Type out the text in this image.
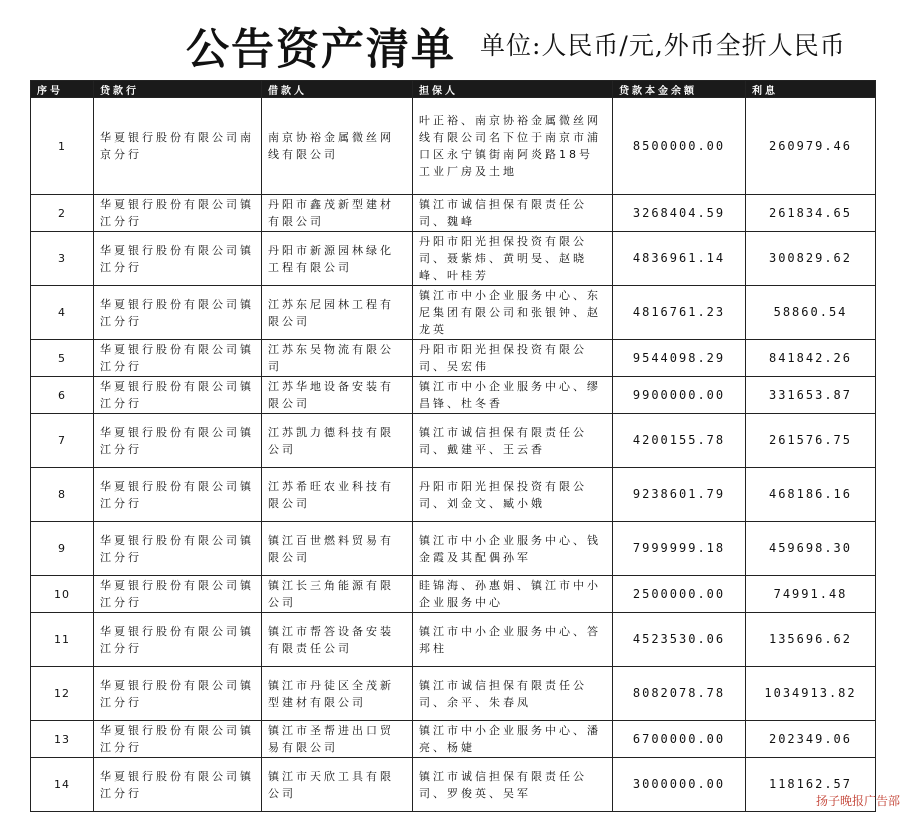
公告资产清单 单位:人民币/元,外币全折人民币
序号	贷款行	借款人	担保人	贷款本金余额	利息
1	华夏银行股份有限公司南京分行	南京协裕金属微丝网线有限公司	叶正裕、南京协裕金属微丝网线有限公司名下位于南京市浦口区永宁镇街南阿炎路18号工业厂房及土地	8500000.00	260979.46
2	华夏银行股份有限公司镇江分行	丹阳市鑫茂新型建材有限公司	镇江市诚信担保有限责任公司、魏峰	3268404.59	261834.65
3	华夏银行股份有限公司镇江分行	丹阳市新源园林绿化工程有限公司	丹阳市阳光担保投资有限公司、聂紫炜、黄明旻、赵晓峰、叶桂芳	4836961.14	300829.62
4	华夏银行股份有限公司镇江分行	江苏东尼园林工程有限公司	镇江市中小企业服务中心、东尼集团有限公司和张银钟、赵龙英	4816761.23	58860.54
5	华夏银行股份有限公司镇江分行	江苏东吴物流有限公司	丹阳市阳光担保投资有限公司、吴宏伟	9544098.29	841842.26
6	华夏银行股份有限公司镇江分行	江苏华地设备安装有限公司	镇江市中小企业服务中心、缪昌锋、杜冬香	9900000.00	331653.87
7	华夏银行股份有限公司镇江分行	江苏凯力德科技有限公司	镇江市诚信担保有限责任公司、戴建平、王云香	4200155.78	261576.75
8	华夏银行股份有限公司镇江分行	江苏希旺农业科技有限公司	丹阳市阳光担保投资有限公司、刘金文、臧小娥	9238601.79	468186.16
9	华夏银行股份有限公司镇江分行	镇江百世燃料贸易有限公司	镇江市中小企业服务中心、钱金霞及其配偶孙军	7999999.18	459698.30
10	华夏银行股份有限公司镇江分行	镇江长三角能源有限公司	眭锦海、孙惠娟、镇江市中小企业服务中心	2500000.00	74991.48
11	华夏银行股份有限公司镇江分行	镇江市帮答设备安装有限责任公司	镇江市中小企业服务中心、答邦柱	4523530.06	135696.62
12	华夏银行股份有限公司镇江分行	镇江市丹徒区全茂新型建材有限公司	镇江市诚信担保有限责任公司、余平、朱春凤	8082078.78	1034913.82
13	华夏银行股份有限公司镇江分行	镇江市圣帮进出口贸易有限公司	镇江市中小企业服务中心、潘亮、杨婕	6700000.00	202349.06
14	华夏银行股份有限公司镇江分行	镇江市天欣工具有限公司	镇江市诚信担保有限责任公司、罗俊英、吴军	3000000.00	118162.57
扬子晚报广告部
